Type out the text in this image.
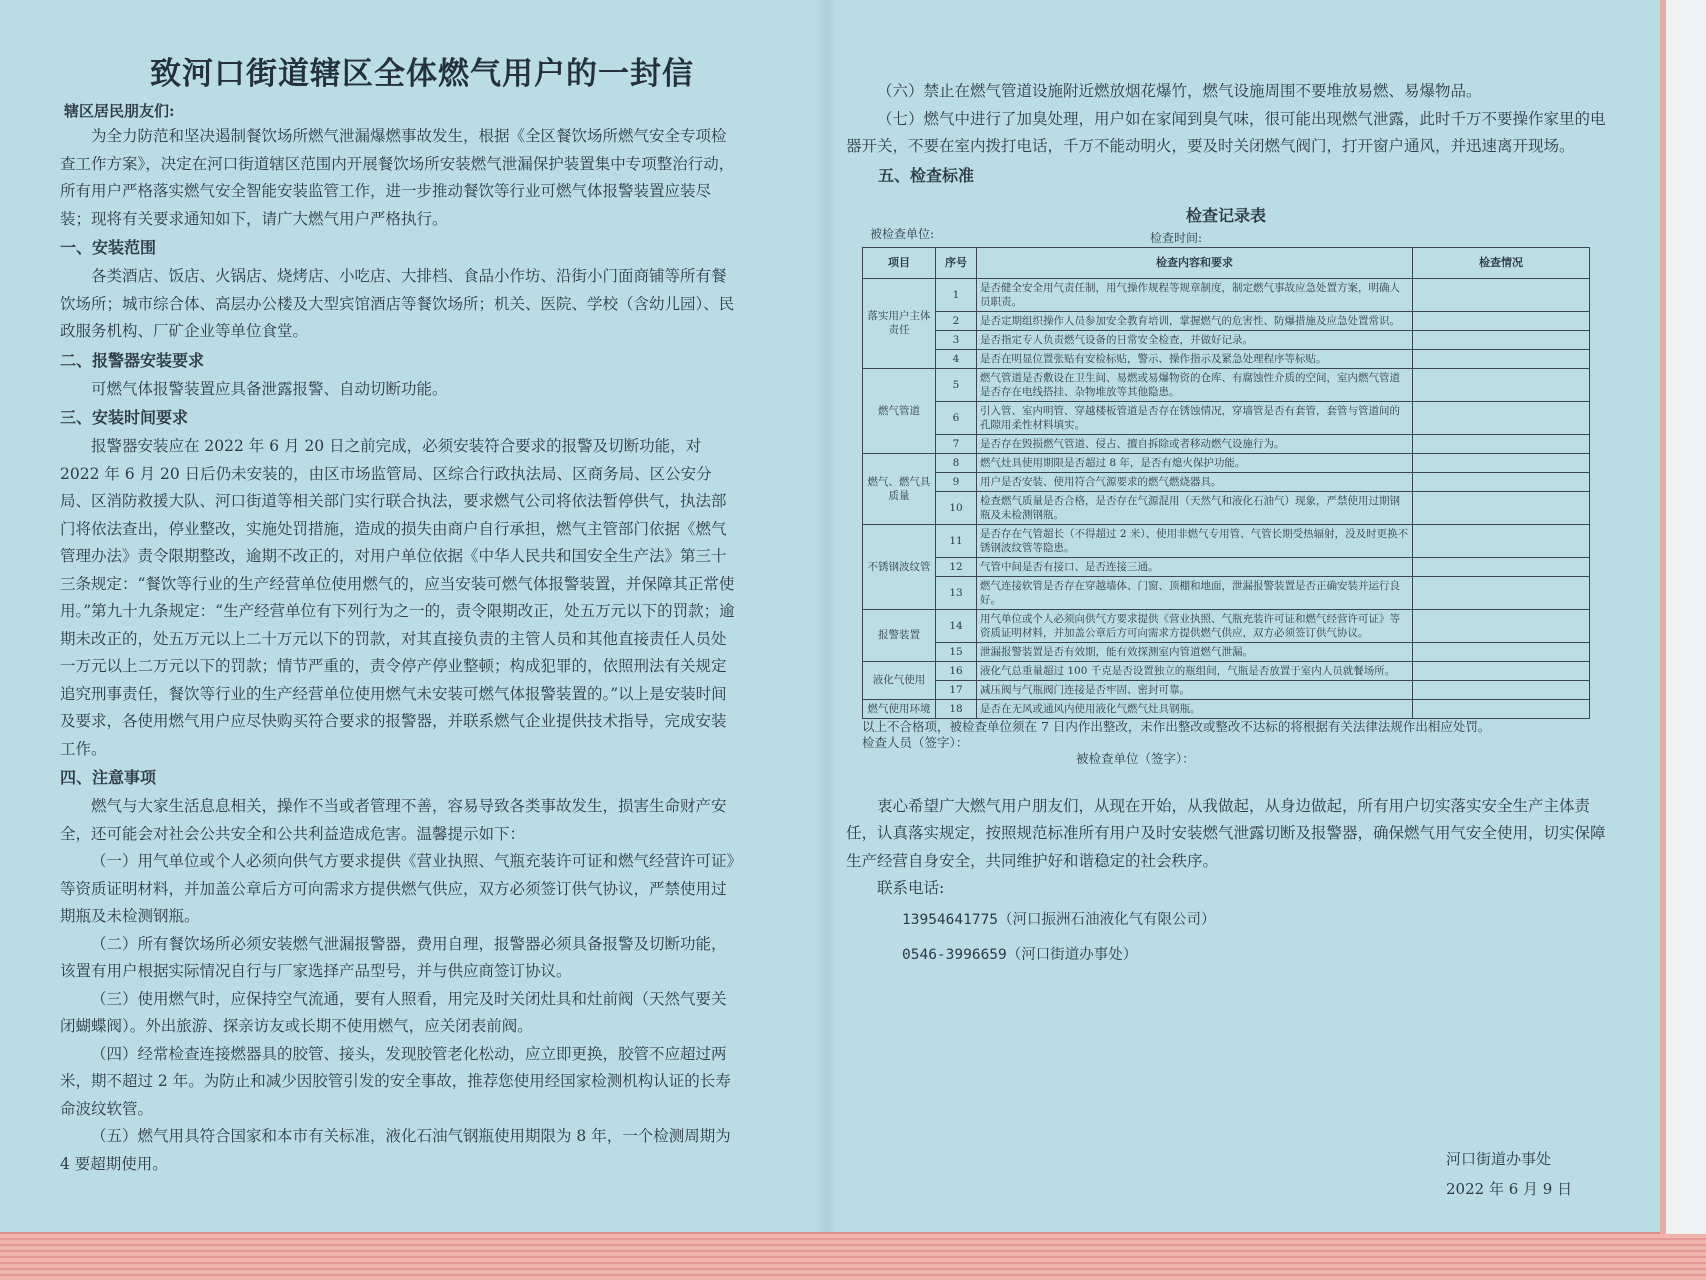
致河口街道辖区全体燃气用户的一封信

辖区居民朋友们:

为全力防范和坚决遏制餐饮场所燃气泄漏爆燃事故发生，根据《全区餐饮场所燃气安全专项检查工作方案》，决定在河口街道辖区范围内开展餐饮场所安装燃气泄漏保护装置集中专项整治行动，所有用户严格落实燃气安全智能安装监管工作，进一步推动餐饮等行业可燃气体报警装置应装尽装；现将有关要求通知如下，请广大燃气用户严格执行。

一、安装范围

各类酒店、饭店、火锅店、烧烤店、小吃店、大排档、食品小作坊、沿街小门面商铺等所有餐饮场所；城市综合体、高层办公楼及大型宾馆酒店等餐饮场所；机关、医院、学校（含幼儿园）、民政服务机构、厂矿企业等单位食堂。

二、报警器安装要求

可燃气体报警装置应具备泄露报警、自动切断功能。

三、安装时间要求

报警器安装应在 2022 年 6 月 20 日之前完成，必须安装符合要求的报警及切断功能，对 2022 年 6 月 20 日后仍未安装的，由区市场监管局、区综合行政执法局、区商务局、区公安分局、区消防救援大队、河口街道等相关部门实行联合执法，要求燃气公司将依法暂停供气，执法部门将依法查出，停业整改，实施处罚措施，造成的损失由商户自行承担，燃气主管部门依据《燃气管理办法》责令限期整改，逾期不改正的，对用户单位依据《中华人民共和国安全生产法》第三十三条规定：“餐饮等行业的生产经营单位使用燃气的，应当安装可燃气体报警装置，并保障其正常使用。”第九十九条规定：“生产经营单位有下列行为之一的，责令限期改正，处五万元以下的罚款；逾期未改正的，处五万元以上二十万元以下的罚款，对其直接负责的主管人员和其他直接责任人员处一万元以上二万元以下的罚款；情节严重的，责令停产停业整顿；构成犯罪的，依照刑法有关规定追究刑事责任，餐饮等行业的生产经营单位使用燃气未安装可燃气体报警装置的。”以上是安装时间及要求，各使用燃气用户应尽快购买符合要求的报警器，并联系燃气企业提供技术指导，完成安装工作。

四、注意事项

燃气与大家生活息息相关，操作不当或者管理不善，容易导致各类事故发生，损害生命财产安全，还可能会对社会公共安全和公共利益造成危害。温馨提示如下：

（一）用气单位或个人必须向供气方要求提供《营业执照、气瓶充装许可证和燃气经营许可证》等资质证明材料，并加盖公章后方可向需求方提供燃气供应，双方必须签订供气协议，严禁使用过期瓶及未检测钢瓶。

（二）所有餐饮场所必须安装燃气泄漏报警器，费用自理，报警器必须具备报警及切断功能，该置有用户根据实际情况自行与厂家选择产品型号，并与供应商签订协议。

（三）使用燃气时，应保持空气流通，要有人照看，用完及时关闭灶具和灶前阀（天然气要关闭蝴蝶阀）。外出旅游、探亲访友或长期不使用燃气，应关闭表前阀。

（四）经常检查连接燃器具的胶管、接头，发现胶管老化松动，应立即更换，胶管不应超过两米，期不超过 2 年。为防止和减少因胶管引发的安全事故，推荐您使用经国家检测机构认证的长寿命波纹软管。

（五）燃气用具符合国家和本市有关标准，液化石油气钢瓶使用期限为 8 年，一个检测周期为 4 要超期使用。

（六）禁止在燃气管道设施附近燃放烟花爆竹，燃气设施周围不要堆放易燃、易爆物品。

（七）燃气中进行了加臭处理，用户如在家闻到臭气味，很可能出现燃气泄露，此时千万不要操作家里的电器开关，不要在室内拨打电话，千万不能动明火，要及时关闭燃气阀门，打开窗户通风，并迅速离开现场。

五、检查标准

检查记录表
被检查单位:	检查时间:
项目	序号	检查内容和要求	检查情况
落实用户主体责任	1	是否健全安全用气责任制，用气操作规程等规章制度，制定燃气事故应急处置方案，明确人员职责。	
	2	是否定期组织操作人员参加安全教育培训，掌握燃气的危害性、防爆措施及应急处置常识。	
	3	是否指定专人负责燃气设备的日常安全检查，并做好记录。	
	4	是否在明显位置张贴有安检标贴，警示、操作指示及紧急处理程序等标贴。	
燃气管道	5	燃气管道是否敷设在卫生间、易燃或易爆物资的仓库、有腐蚀性介质的空间，室内燃气管道是否存在电线搭挂、杂物堆放等其他隐患。	
	6	引入管、室内明管、穿越楼板管道是否存在锈蚀情况，穿墙管是否有套管，套管与管道间的孔隙用柔性材料填实。	
	7	是否存在毁损燃气管道、侵占、擅自拆除或者移动燃气设施行为。	
燃气、燃气具质量	8	燃气灶具使用期限是否超过 8 年，是否有熄火保护功能。	
	9	用户是否安装、使用符合气源要求的燃气燃烧器具。	
	10	检查燃气质量是否合格，是否存在气源混用（天然气和液化石油气）现象，严禁使用过期钢瓶及未检测钢瓶。	
不锈钢波纹管	11	是否存在气管超长（不得超过 2 米）、使用非燃气专用管、气管长期受热辐射，没及时更换不锈钢波纹管等隐患。	
	12	气管中间是否有接口、是否连接三通。	
	13	燃气连接软管是否存在穿越墙体、门窗、顶棚和地面，泄漏报警装置是否正确安装并运行良好。	
报警装置	14	用气单位或个人必须向供气方要求提供《营业执照、气瓶充装许可证和燃气经营许可证》等资质证明材料，并加盖公章后方可向需求方提供燃气供应，双方必须签订供气协议。	
	15	泄漏报警装置是否有效期，能有效探测室内管道燃气泄漏。	
液化气使用	16	液化气总重量超过 100 千克是否设置独立的瓶组间，气瓶是否放置于室内人员就餐场所。	
	17	减压阀与气瓶阀门连接是否牢固、密封可靠。	
燃气使用环境	18	是否在无风或通风内使用液化气燃气灶具钢瓶。	

以上不合格项，被检查单位须在 7 日内作出整改，未作出整改或整改不达标的将根据有关法律法规作出相应处罚。

检查人员（签字）：

被检查单位（签字）：

衷心希望广大燃气用户朋友们，从现在开始，从我做起，从身边做起，所有用户切实落实安全生产主体责任，认真落实规定，按照规范标准所有用户及时安装燃气泄露切断及报警器，确保燃气用气安全使用，切实保障生产经营自身安全，共同维护好和谐稳定的社会秩序。

联系电话:

13954641775（河口振洲石油液化气有限公司）

0546-3996659（河口街道办事处）

河口街道办事处
2022 年 6 月 9 日
